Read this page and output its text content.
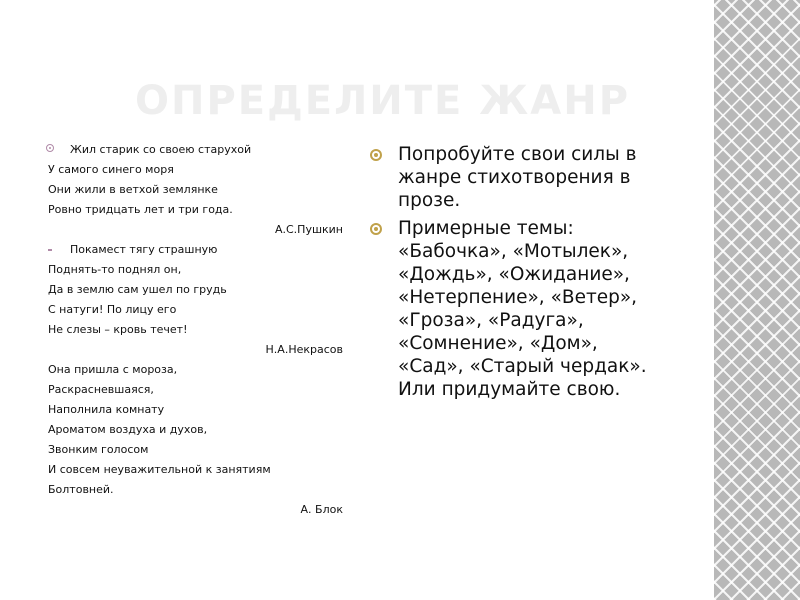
ОПРЕДЕЛИТЕ ЖАНР
Жил старик со своею старухой
У самого синего моря
Они жили в ветхой землянке
Ровно тридцать лет и три года.
А.С.Пушкин
Покамест тягу страшную
Поднять-то поднял он,
Да в землю сам ушел по грудь
С натуги! По лицу его
Не слезы – кровь течет!
Н.А.Некрасов
Она пришла с мороза,
Раскрасневшаяся,
Наполнила комнату
Ароматом воздуха и духов,
Звонким голосом
И совсем неуважительной к занятиям
Болтовней.
А. Блок
Попробуйте свои силы в жанре стихотворения в прозе.
Примерные темы: «Бабочка», «Мотылек», «Дождь», «Ожидание», «Нетерпение», «Ветер», «Гроза», «Радуга», «Сомнение», «Дом», «Сад», «Старый чердак». Или придумайте свою.
